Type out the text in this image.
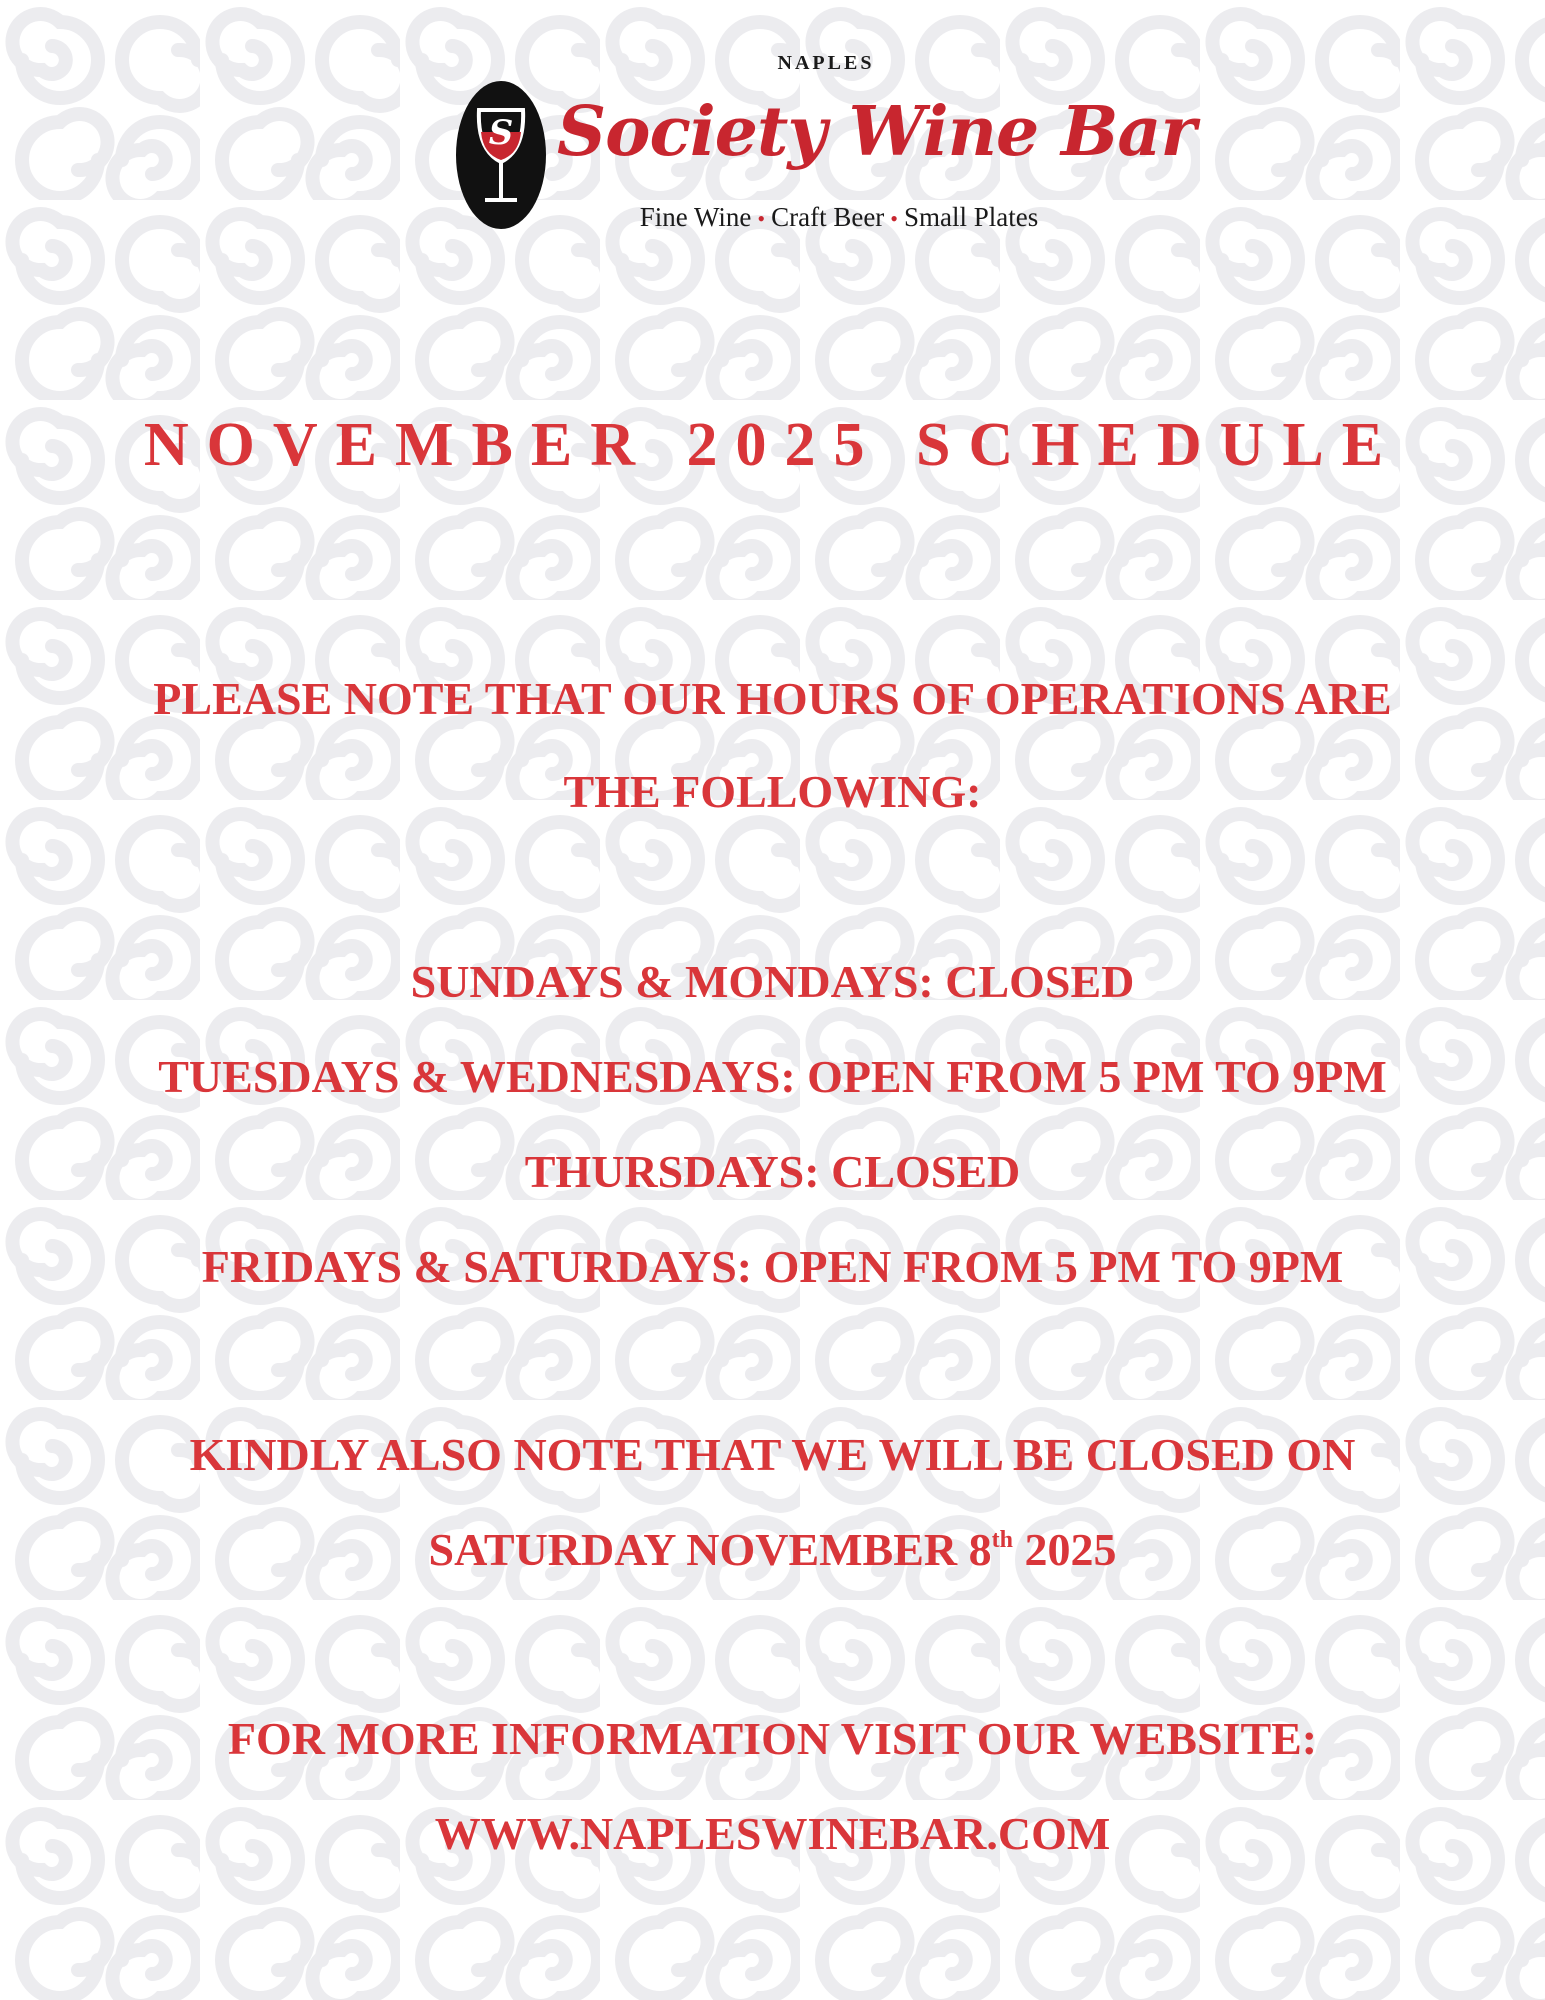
NAPLES
S Society Wine Bar
Fine Wine • Craft Beer • Small Plates
NOVEMBER 2025 SCHEDULE
PLEASE NOTE THAT OUR HOURS OF OPERATIONS ARE
THE FOLLOWING:
SUNDAYS & MONDAYS: CLOSED
TUESDAYS & WEDNESDAYS: OPEN FROM 5 PM TO 9PM
THURSDAYS: CLOSED
FRIDAYS & SATURDAYS: OPEN FROM 5 PM TO 9PM
KINDLY ALSO NOTE THAT WE WILL BE CLOSED ON
SATURDAY NOVEMBER 8th 2025
FOR MORE INFORMATION VISIT OUR WEBSITE:
WWW.NAPLESWINEBAR.COM
